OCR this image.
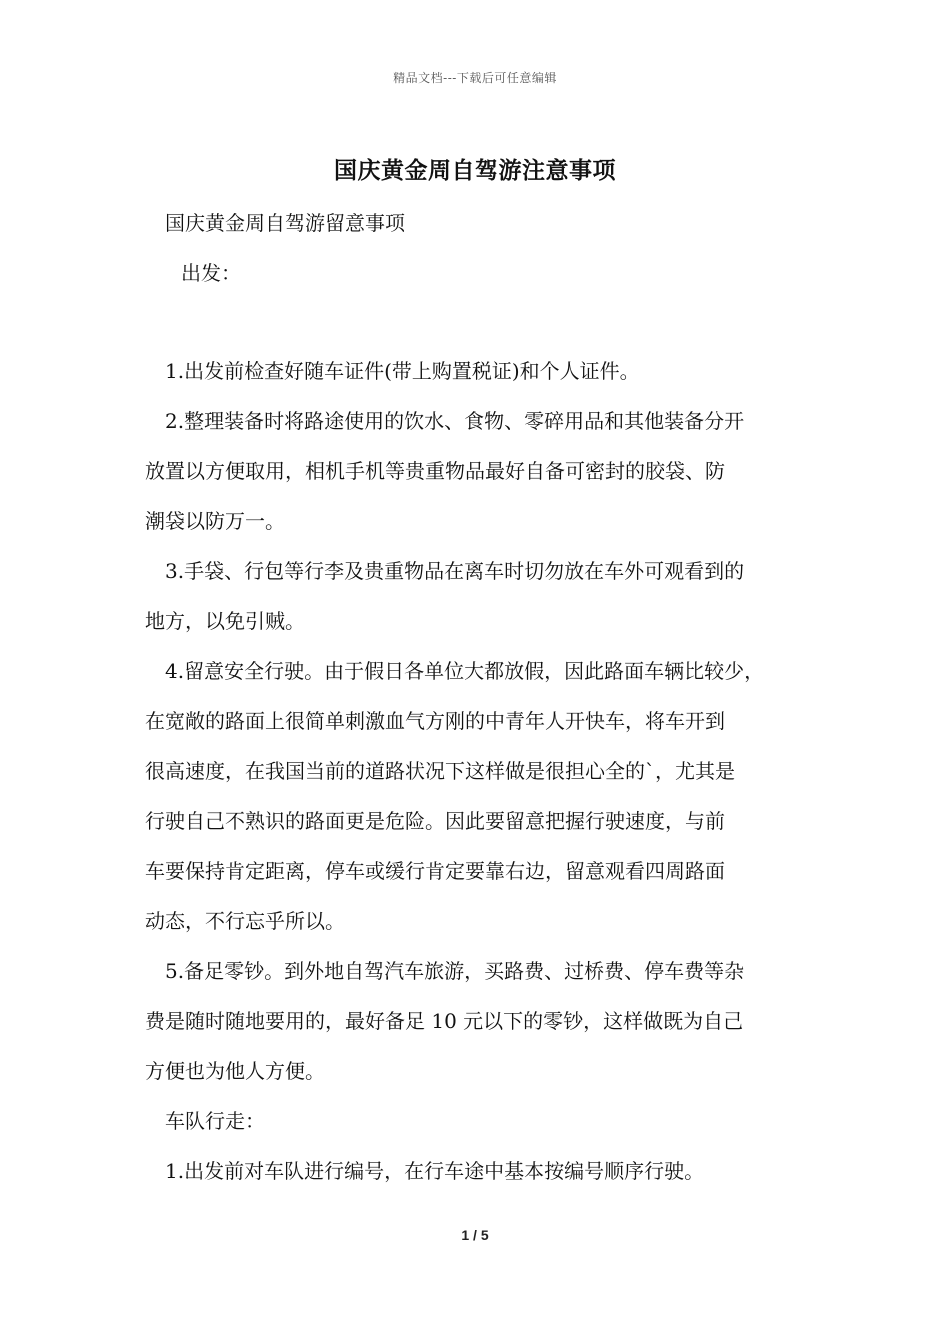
精品文档---下载后可任意编辑
国庆黄金周自驾游注意事项
国庆黄金周自驾游留意事项
出发：
1.出发前检查好随车证件(带上购置税证)和个人证件。
2.整理装备时将路途使用的饮水、食物、零碎用品和其他装备分开
放置以方便取用，相机手机等贵重物品最好自备可密封的胶袋、防
潮袋以防万一。
3.手袋、行包等行李及贵重物品在离车时切勿放在车外可观看到的
地方，以免引贼。
4.留意安全行驶。由于假日各单位大都放假，因此路面车辆比较少，
在宽敞的路面上很简单刺激血气方刚的中青年人开快车，将车开到
很高速度，在我国当前的道路状况下这样做是很担心全的`，尤其是
行驶自己不熟识的路面更是危险。因此要留意把握行驶速度，与前
车要保持肯定距离，停车或缓行肯定要靠右边，留意观看四周路面
动态，不行忘乎所以。
5.备足零钞。到外地自驾汽车旅游，买路费、过桥费、停车费等杂
费是随时随地要用的，最好备足 10 元以下的零钞，这样做既为自己
方便也为他人方便。
车队行走：
1.出发前对车队进行编号，在行车途中基本按编号顺序行驶。
1 / 5
